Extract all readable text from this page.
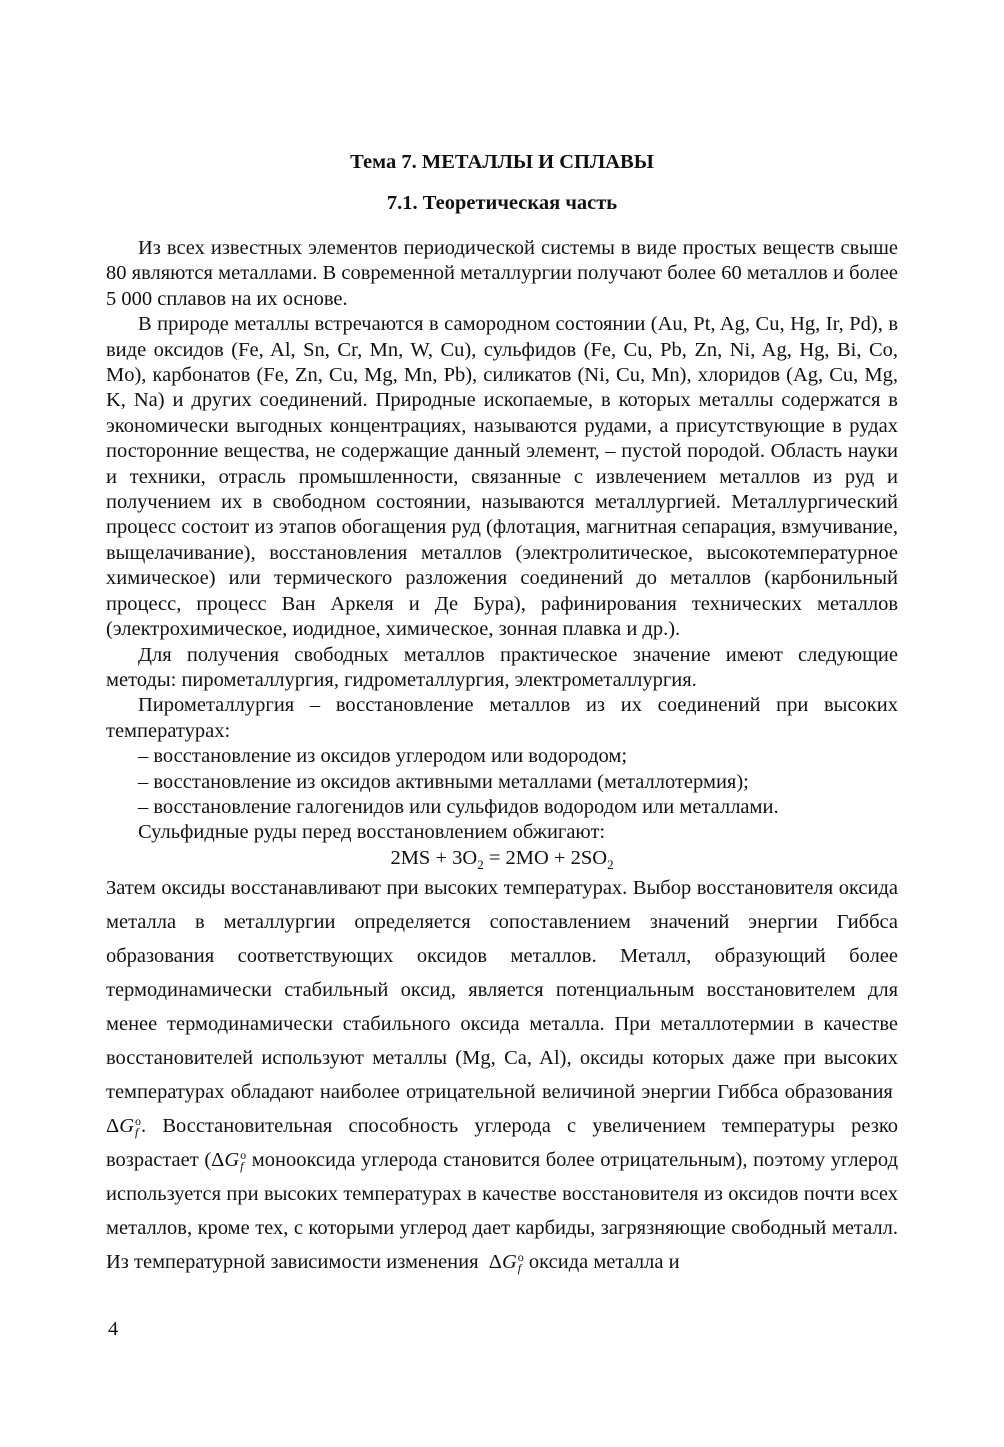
Тема 7. МЕТАЛЛЫ И СПЛАВЫ
7.1. Теоретическая часть

Из всех известных элементов периодической системы в виде простых веществ свыше 80 являются металлами. В современной металлургии получают более 60 металлов и более 5 000 сплавов на их основе.

В природе металлы встречаются в самородном состоянии (Au, Pt, Ag, Cu, Hg, Ir, Pd), в виде оксидов (Fe, Al, Sn, Cr, Mn, W, Cu), сульфидов (Fe, Cu, Pb, Zn, Ni, Ag, Hg, Bi, Co, Mo), карбонатов (Fe, Zn, Cu, Mg, Mn, Pb), силикатов (Ni, Cu, Mn), хлоридов (Ag, Cu, Mg, K, Na) и других соединений. Природные ископаемые, в которых металлы содержатся в экономически выгодных концентрациях, называются рудами, а присутствующие в рудах посторонние вещества, не содержащие данный элемент, – пустой породой. Область науки и техники, отрасль промышленности, связанные с извлечением металлов из руд и получением их в свободном состоянии, называются металлургией. Металлургический процесс состоит из этапов обогащения руд (флотация, магнитная сепарация, взмучивание, выщелачивание), восстановления металлов (электролитическое, высокотемпературное химическое) или термического разложения соединений до металлов (карбонильный процесс, процесс Ван Аркеля и Де Бура), рафинирования технических металлов (электрохимическое, иодидное, химическое, зонная плавка и др.).

Для получения свободных металлов практическое значение имеют следующие методы: пирометаллургия, гидрометаллургия, электрометаллургия.

Пирометаллургия – восстановление металлов из их соединений при высоких температурах:

– восстановление из оксидов углеродом или водородом;

– восстановление из оксидов активными металлами (металлотермия);

– восстановление галогенидов или сульфидов водородом или металлами.

Сульфидные руды перед восстановлением обжигают:

$2MS + 3O_2 = 2MO + 2SO_2$

Затем оксиды восстанавливают при высоких температурах. Выбор восстановителя оксида металла в металлургии определяется сопоставлением значений энергии Гиббса образования соответствующих оксидов металлов. Металл, образующий более термодинамически стабильный оксид, является потенциальным восстановителем для менее термодинамически стабильного оксида металла. При металлотермии в качестве восстановителей используют металлы (Mg, Ca, Al), оксиды которых даже при высоких температурах обладают наиболее отрицательной величиной энергии Гиббса образования  ΔG o
f . Восстановительная способность углерода с увеличением температуры резко возрастает (ΔG o
f монооксида углерода становится более отрицательным), поэтому углерод используется при высоких температурах в качестве восстановителя из оксидов почти всех металлов, кроме тех, с которыми углерод дает карбиды, загрязняющие свободный металл. Из температурной зависимости изменения ΔG o
f оксида металла и

4
